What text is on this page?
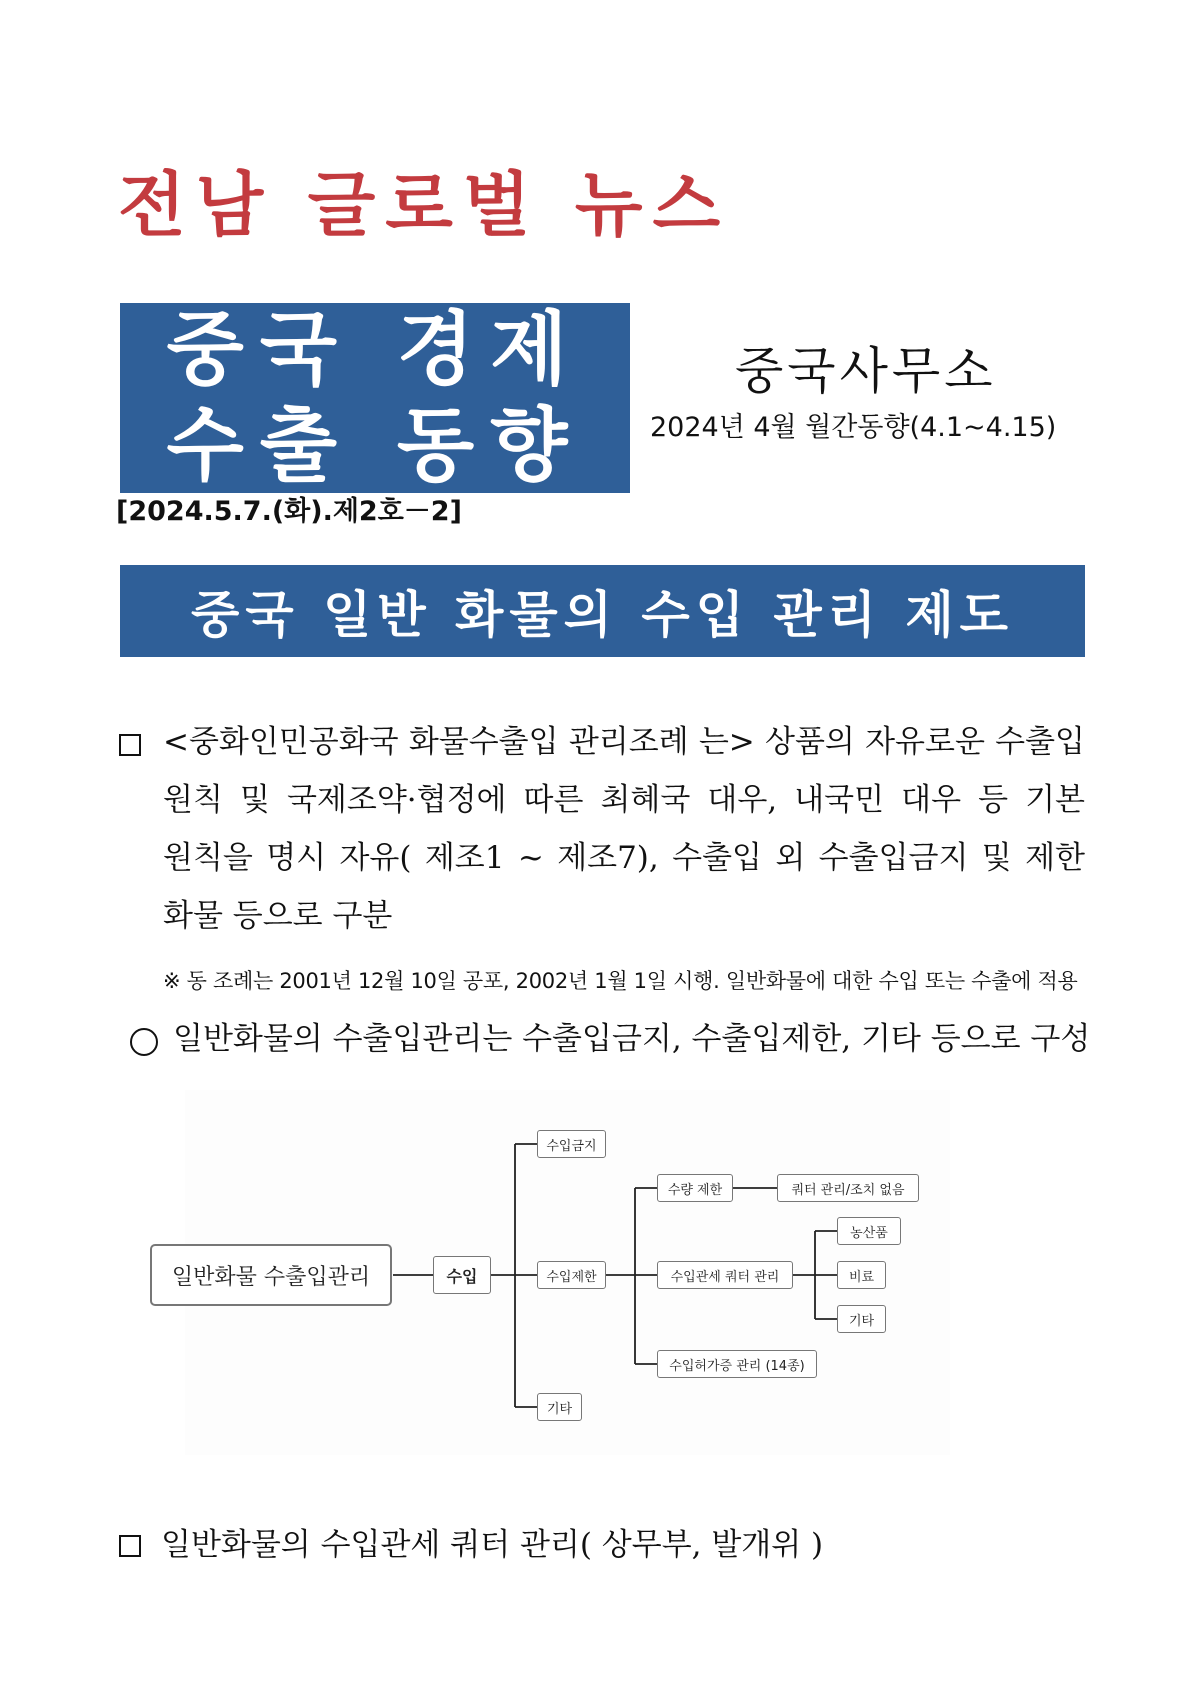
전남 글로벌 뉴스
중국 경제
수출 동향
중국사무소
2024년 4월 월간동향(4.1~4.15)
[2024.5.7.(화).제2호－2]
중국 일반 화물의 수입 관리 제도
<중화인민공화국 화물수출입 관리조례 는> 상품의 자유로운 수출입
원칙 및 국제조약·협정에 따른 최혜국 대우, 내국민 대우 등 기본
원칙을 명시 자유( 제조1 ~ 제조7), 수출입 외 수출입금지 및 제한
화물 등으로 구분
※ 동 조례는 2001년 12월 10일 공포, 2002년 1월 1일 시행. 일반화물에 대한 수입 또는 수출에 적용
일반화물의 수출입관리는 수출입금지, 수출입제한, 기타 등으로 구성
일반화물 수출입관리	수입
수입금지
수입제한
기타
수량 제한	쿼터 관리/조치 없음
수입관세 쿼터 관리
농산품
비료
기타
수입허가증 관리 (14종)
일반화물의 수입관세 쿼터 관리( 상무부, 발개위 )
